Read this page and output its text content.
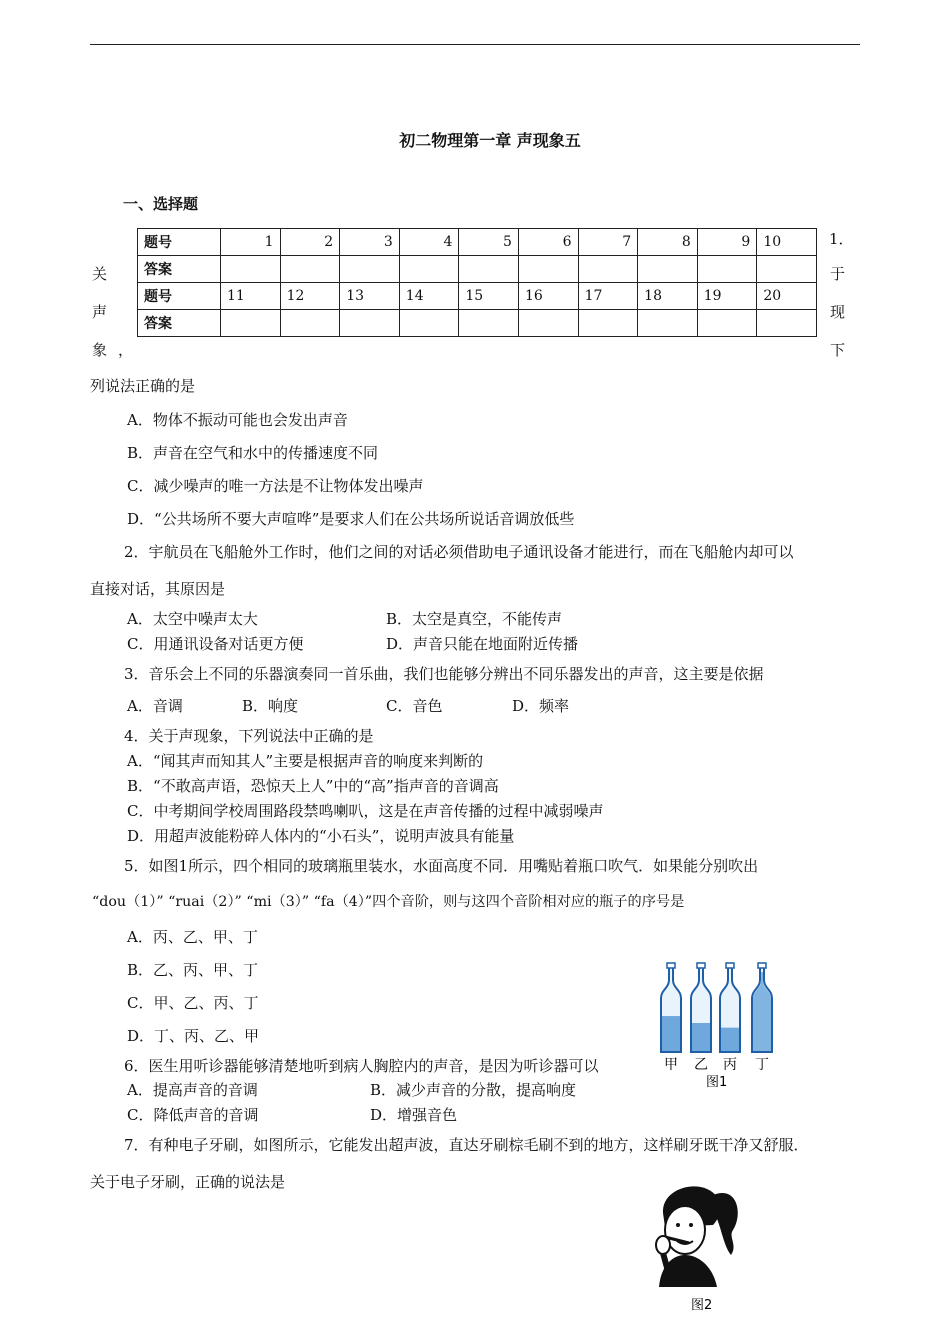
初二物理第一章 声现象五
一、选择题
题号	1	2	3	4	5	6	7	8	9	10
答案										
题号	11	12	13	14	15	16	17	18	19	20
答案										
1．
关
声
象 ，
于
现
下
列说法正确的是
A．物体不振动可能也会发出声音
B．声音在空气和水中的传播速度不同
C．减少噪声的唯一方法是不让物体发出噪声
D．“公共场所不要大声喧哗”是要求人们在公共场所说话音调放低些
2．宇航员在飞船舱外工作时，他们之间的对话必须借助电子通讯设备才能进行，而在飞船舱内却可以
直接对话，其原因是
A．太空中噪声太大	B．太空是真空，不能传声
C．用通讯设备对话更方便	D．声音只能在地面附近传播
3．音乐会上不同的乐器演奏同一首乐曲，我们也能够分辨出不同乐器发出的声音，这主要是依据
A．音调	B．响度	C．音色	D．频率
4．关于声现象，下列说法中正确的是
A．“闻其声而知其人”主要是根据声音的响度来判断的
B．“不敢高声语，恐惊天上人”中的“高”指声音的音调高
C．中考期间学校周围路段禁鸣喇叭，这是在声音传播的过程中减弱噪声
D．用超声波能粉碎人体内的“小石头”，说明声波具有能量
5．如图1所示，四个相同的玻璃瓶里装水，水面高度不同．用嘴贴着瓶口吹气．如果能分别吹出
“dou（1）” “ruai（2）” “mi（3）” “fa（4）”四个音阶，则与这四个音阶相对应的瓶子的序号是
A．丙、乙、甲、丁
B．乙、丙、甲、丁
C．甲、乙、丙、丁
D．丁、丙、乙、甲
甲 乙 丙 丁
图1
6．医生用听诊器能够清楚地听到病人胸腔内的声音，是因为听诊器可以
A．提高声音的音调	B．减少声音的分散，提高响度
C．降低声音的音调	D．增强音色
7．有种电子牙刷，如图所示，它能发出超声波，直达牙刷棕毛刷不到的地方，这样刷牙既干净又舒服．
关于电子牙刷，正确的说法是
图2
